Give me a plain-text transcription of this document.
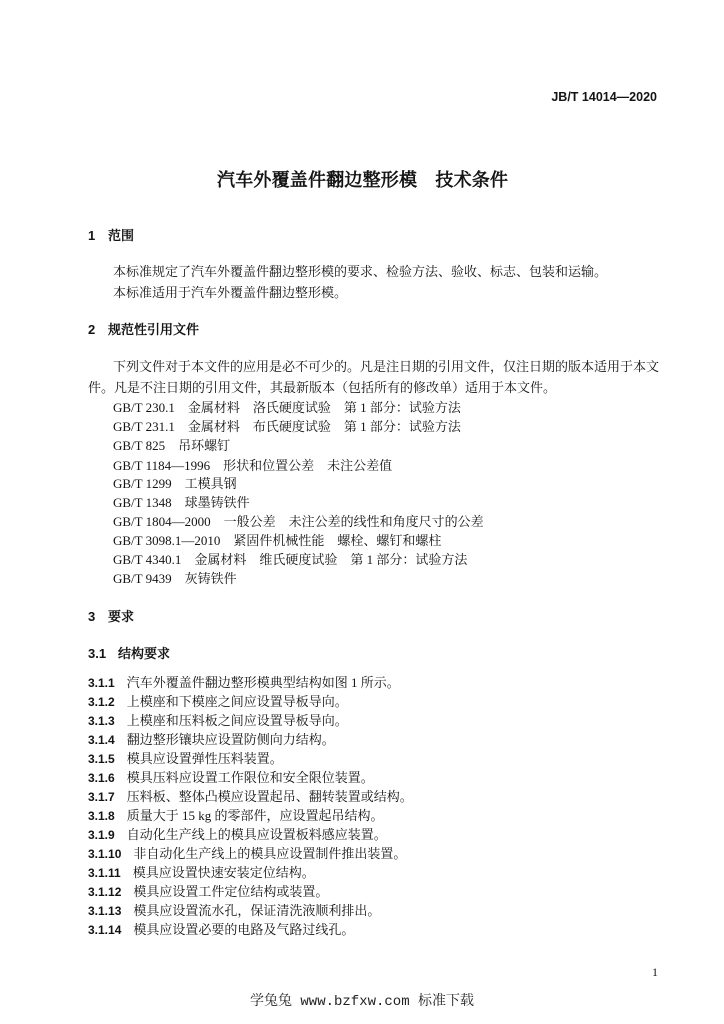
JB/T 14014—2020
汽车外覆盖件翻边整形模　技术条件
1 范围
本标准规定了汽车外覆盖件翻边整形模的要求、检验方法、验收、标志、包装和运输。
本标准适用于汽车外覆盖件翻边整形模。
2 规范性引用文件
下列文件对于本文件的应用是必不可少的。凡是注日期的引用文件，仅注日期的版本适用于本文
件。凡是不注日期的引用文件，其最新版本（包括所有的修改单）适用于本文件。
GB/T 230.1 金属材料　洛氏硬度试验　第 1 部分：试验方法
GB/T 231.1 金属材料　布氏硬度试验　第 1 部分：试验方法
GB/T 825 吊环螺钉
GB/T 1184—1996 形状和位置公差　未注公差值
GB/T 1299 工模具钢
GB/T 1348 球墨铸铁件
GB/T 1804—2000 一般公差　未注公差的线性和角度尺寸的公差
GB/T 3098.1—2010 紧固件机械性能　螺栓、螺钉和螺柱
GB/T 4340.1 金属材料　维氏硬度试验　第 1 部分：试验方法
GB/T 9439 灰铸铁件
3 要求
3.1 结构要求
3.1.1 汽车外覆盖件翻边整形模典型结构如图 1 所示。
3.1.2 上模座和下模座之间应设置导板导向。
3.1.3 上模座和压料板之间应设置导板导向。
3.1.4 翻边整形镶块应设置防侧向力结构。
3.1.5 模具应设置弹性压料装置。
3.1.6 模具压料应设置工作限位和安全限位装置。
3.1.7 压料板、整体凸模应设置起吊、翻转装置或结构。
3.1.8 质量大于 15 kg 的零部件，应设置起吊结构。
3.1.9 自动化生产线上的模具应设置板料感应装置。
3.1.10 非自动化生产线上的模具应设置制件推出装置。
3.1.11 模具应设置快速安装定位结构。
3.1.12 模具应设置工件定位结构或装置。
3.1.13 模具应设置流水孔，保证清洗液顺利排出。
3.1.14 模具应设置必要的电路及气路过线孔。
1
学兔兔 www.bzfxw.com 标准下载
